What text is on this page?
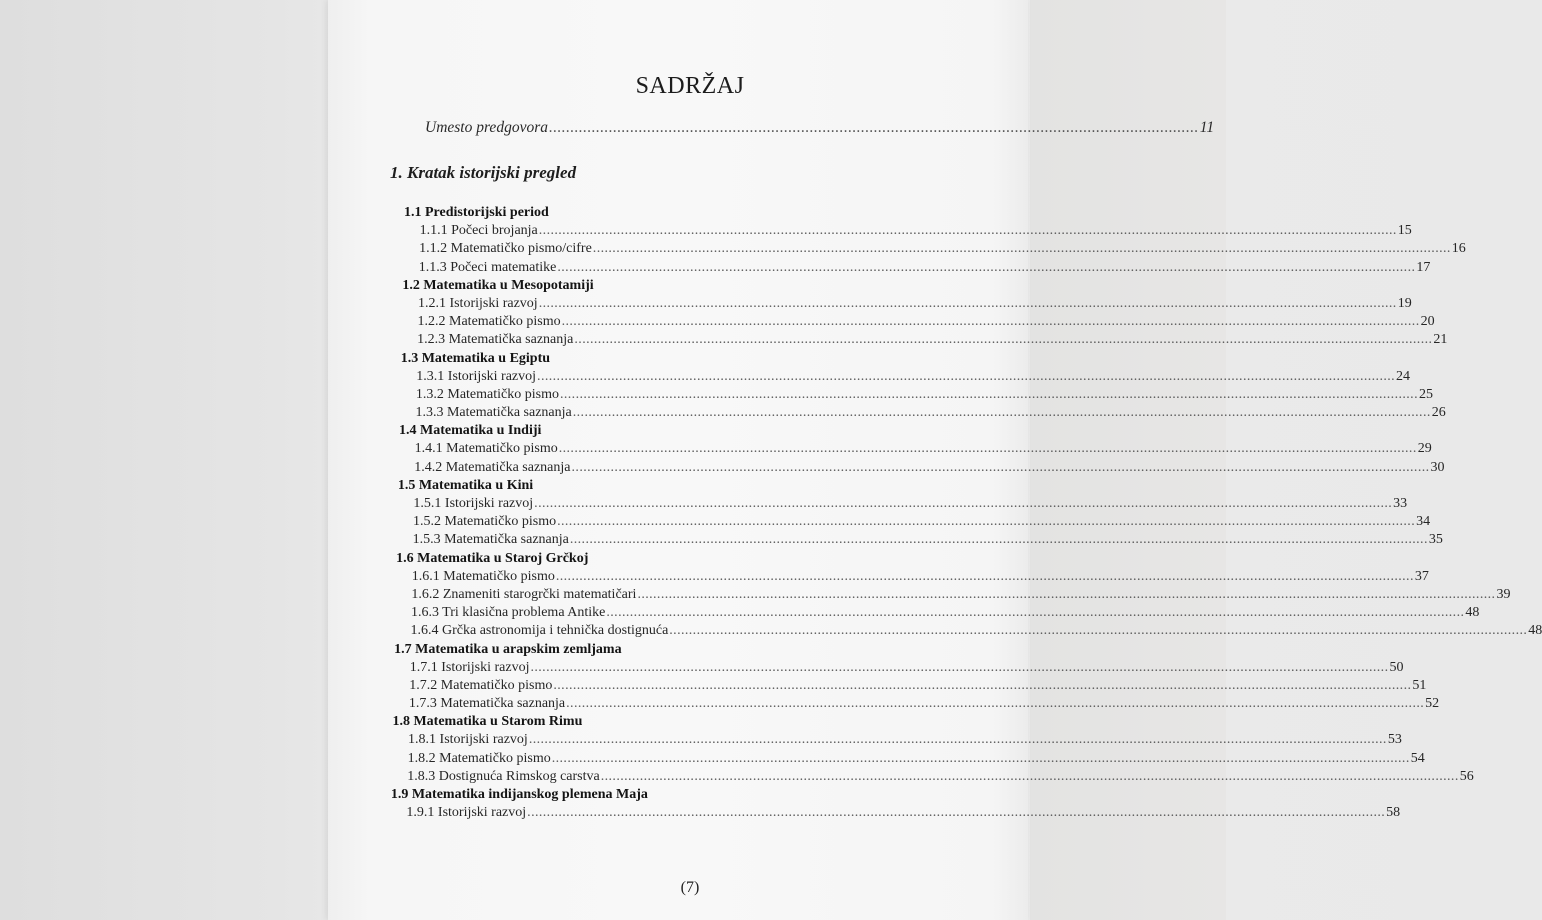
SADRŽAJ
Umesto predgovora ........................................................................................................................................................ 11
1. Kratak istorijski pregled
1.1 Predistorijski period
1.1.1 Počeci brojanja ............................................................................................................................................................................................................................ 15
1.1.2 Matematičko pismo/cifre ............................................................................................................................................................................................................................ 16
1.1.3 Počeci matematike ............................................................................................................................................................................................................................ 17
1.2 Matematika u Mesopotamiji
1.2.1 Istorijski razvoj ............................................................................................................................................................................................................................ 19
1.2.2 Matematičko pismo ............................................................................................................................................................................................................................ 20
1.2.3 Matematička saznanja ............................................................................................................................................................................................................................ 21
1.3 Matematika u Egiptu
1.3.1 Istorijski razvoj ............................................................................................................................................................................................................................ 24
1.3.2 Matematičko pismo ............................................................................................................................................................................................................................ 25
1.3.3 Matematička saznanja ............................................................................................................................................................................................................................ 26
1.4 Matematika u Indiji
1.4.1 Matematičko pismo ............................................................................................................................................................................................................................ 29
1.4.2 Matematička saznanja ............................................................................................................................................................................................................................ 30
1.5 Matematika u Kini
1.5.1 Istorijski razvoj ............................................................................................................................................................................................................................ 33
1.5.2 Matematičko pismo ............................................................................................................................................................................................................................ 34
1.5.3 Matematička saznanja ............................................................................................................................................................................................................................ 35
1.6 Matematika u Staroj Grčkoj
1.6.1 Matematičko pismo ............................................................................................................................................................................................................................ 37
1.6.2 Znameniti starogrčki matematičari ............................................................................................................................................................................................................................ 39
1.6.3 Tri klasična problema Antike ............................................................................................................................................................................................................................ 48
1.6.4 Grčka astronomija i tehnička dostignuća ............................................................................................................................................................................................................................ 48
1.7 Matematika u arapskim zemljama
1.7.1 Istorijski razvoj ............................................................................................................................................................................................................................ 50
1.7.2 Matematičko pismo ............................................................................................................................................................................................................................ 51
1.7.3 Matematička saznanja ............................................................................................................................................................................................................................ 52
1.8 Matematika u Starom Rimu
1.8.1 Istorijski razvoj ............................................................................................................................................................................................................................ 53
1.8.2 Matematičko pismo ............................................................................................................................................................................................................................ 54
1.8.3 Dostignuća Rimskog carstva ............................................................................................................................................................................................................................ 56
1.9 Matematika indijanskog plemena Maja
1.9.1 Istorijski razvoj ............................................................................................................................................................................................................................ 58
(7)
